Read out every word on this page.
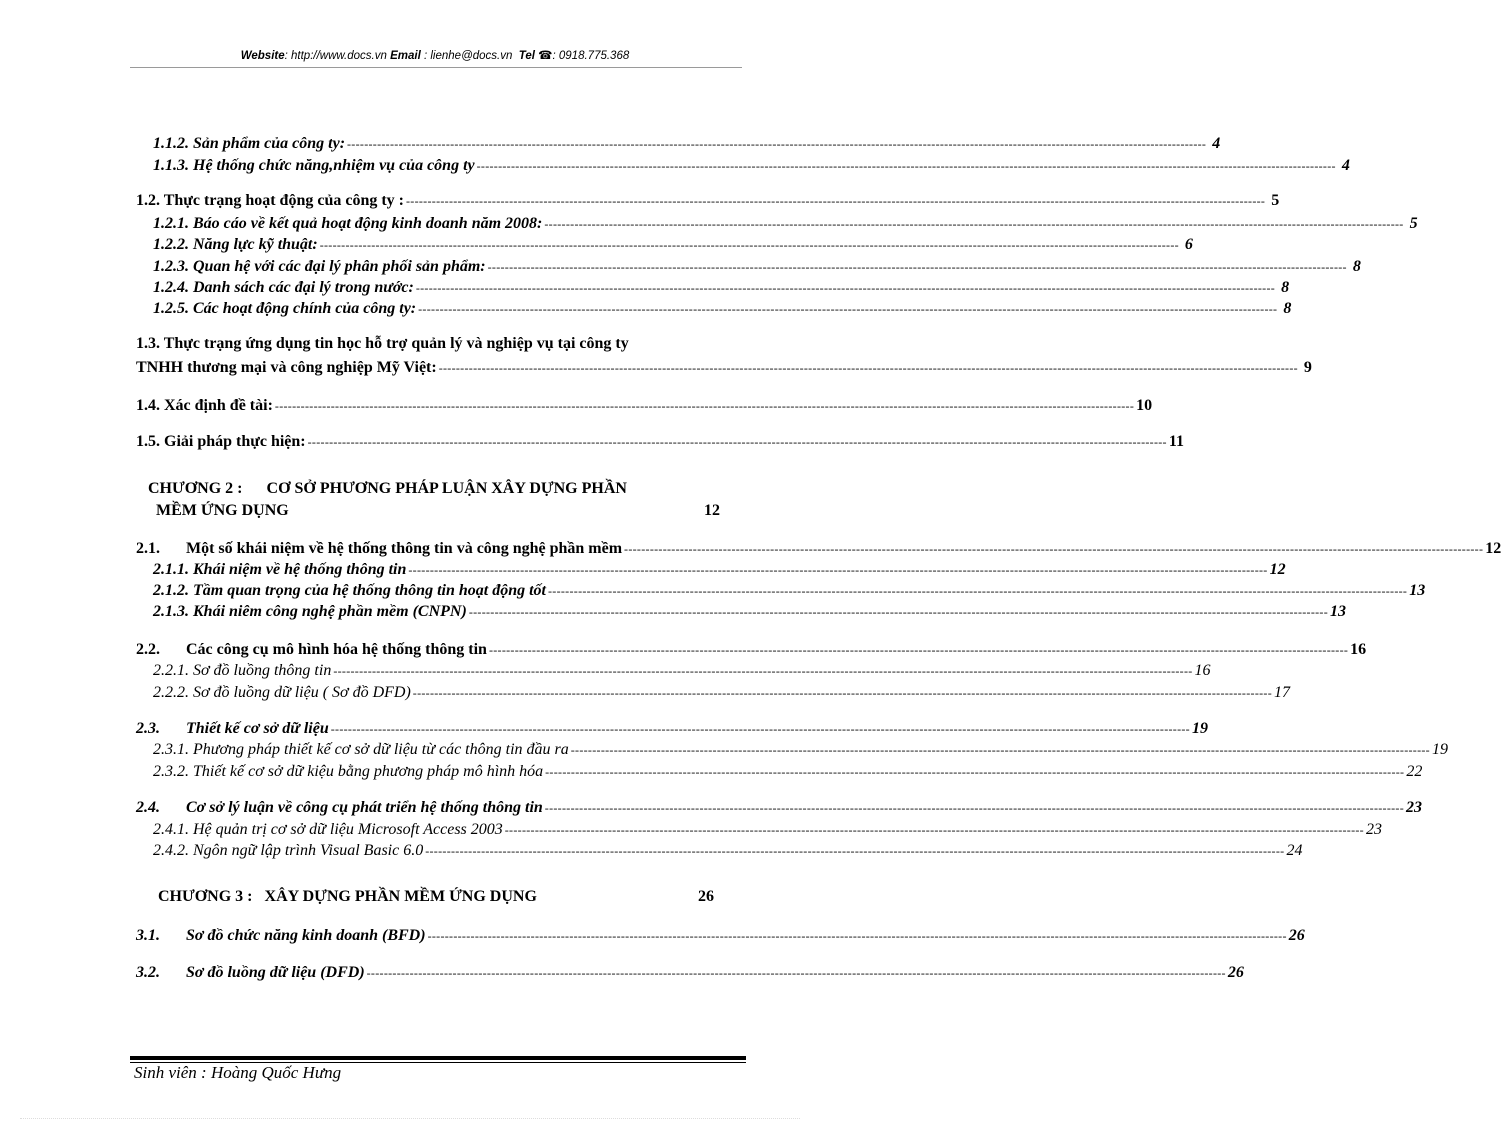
Website: http://www.docs.vn Email : lienhe@docs.vn Tel ☎: 0918.775.368
1.1.2. Sản phẩm của công ty: -------------------------------------------------------------------------------------------------------------------------------------------------------------------------------------------------------- 4
1.1.3. Hệ thống chức năng,nhiệm vụ của công ty -------------------------------------------------------------------------------------------------------------------------------------------------------------------------------------------------------- 4
1.2. Thực trạng hoạt động của công ty : -------------------------------------------------------------------------------------------------------------------------------------------------------------------------------------------------------- 5
1.2.1. Báo cáo về kết quả hoạt động kinh doanh năm 2008: -------------------------------------------------------------------------------------------------------------------------------------------------------------------------------------------------------- 5
1.2.2. Năng lực kỹ thuật: -------------------------------------------------------------------------------------------------------------------------------------------------------------------------------------------------------- 6
1.2.3. Quan hệ với các đại lý phân phối sản phẩm: -------------------------------------------------------------------------------------------------------------------------------------------------------------------------------------------------------- 8
1.2.4. Danh sách các đại lý trong nước: -------------------------------------------------------------------------------------------------------------------------------------------------------------------------------------------------------- 8
1.2.5. Các hoạt động chính của công ty: -------------------------------------------------------------------------------------------------------------------------------------------------------------------------------------------------------- 8
1.3. Thực trạng ứng dụng tin học hỗ trợ quản lý và nghiệp vụ tại công ty
TNHH thương mại và công nghiệp Mỹ Việt: -------------------------------------------------------------------------------------------------------------------------------------------------------------------------------------------------------- 9
1.4. Xác định đề tài: -------------------------------------------------------------------------------------------------------------------------------------------------------------------------------------------------------- 10
1.5. Giải pháp thực hiện: -------------------------------------------------------------------------------------------------------------------------------------------------------------------------------------------------------- 11
CHƯƠNG 2 :      CƠ SỞ PHƯƠNG PHÁP LUẬN XÂY DỰNG PHẦN
MỀM ỨNG DỤNG	12
2.1. Một số khái niệm về hệ thống thông tin và công nghệ phần mềm -------------------------------------------------------------------------------------------------------------------------------------------------------------------------------------------------------- 12
2.1.1. Khái niệm về hệ thống thông tin -------------------------------------------------------------------------------------------------------------------------------------------------------------------------------------------------------- 12
2.1.2. Tầm quan trọng của hệ thống thông tin hoạt động tốt -------------------------------------------------------------------------------------------------------------------------------------------------------------------------------------------------------- 13
2.1.3. Khái niêm công nghệ phần mềm (CNPN) -------------------------------------------------------------------------------------------------------------------------------------------------------------------------------------------------------- 13
2.2. Các công cụ mô hình hóa hệ thống thông tin -------------------------------------------------------------------------------------------------------------------------------------------------------------------------------------------------------- 16
2.2.1. Sơ đồ luồng thông tin -------------------------------------------------------------------------------------------------------------------------------------------------------------------------------------------------------- 16
2.2.2. Sơ đồ luồng dữ liệu ( Sơ đồ DFD) -------------------------------------------------------------------------------------------------------------------------------------------------------------------------------------------------------- 17
2.3. Thiết kế cơ sở dữ liệu -------------------------------------------------------------------------------------------------------------------------------------------------------------------------------------------------------- 19
2.3.1. Phương pháp thiết kế cơ sở dữ liệu từ các thông tin đầu ra -------------------------------------------------------------------------------------------------------------------------------------------------------------------------------------------------------- 19
2.3.2. Thiết kế cơ sở dữ kiệu bằng phương pháp mô hình hóa -------------------------------------------------------------------------------------------------------------------------------------------------------------------------------------------------------- 22
2.4. Cơ sở lý luận về công cụ phát triển hệ thống thông tin -------------------------------------------------------------------------------------------------------------------------------------------------------------------------------------------------------- 23
2.4.1. Hệ quản trị cơ sở dữ liệu Microsoft Access 2003 -------------------------------------------------------------------------------------------------------------------------------------------------------------------------------------------------------- 23
2.4.2. Ngôn ngữ lập trình Visual Basic 6.0 -------------------------------------------------------------------------------------------------------------------------------------------------------------------------------------------------------- 24
CHƯƠNG 3 :   XÂY DỰNG PHẦN MỀM ỨNG DỤNG	26
3.1. Sơ đồ chức năng kinh doanh (BFD) -------------------------------------------------------------------------------------------------------------------------------------------------------------------------------------------------------- 26
3.2. Sơ đồ luồng dữ liệu (DFD) -------------------------------------------------------------------------------------------------------------------------------------------------------------------------------------------------------- 26
Sinh viên : Hoàng Quốc Hưng
